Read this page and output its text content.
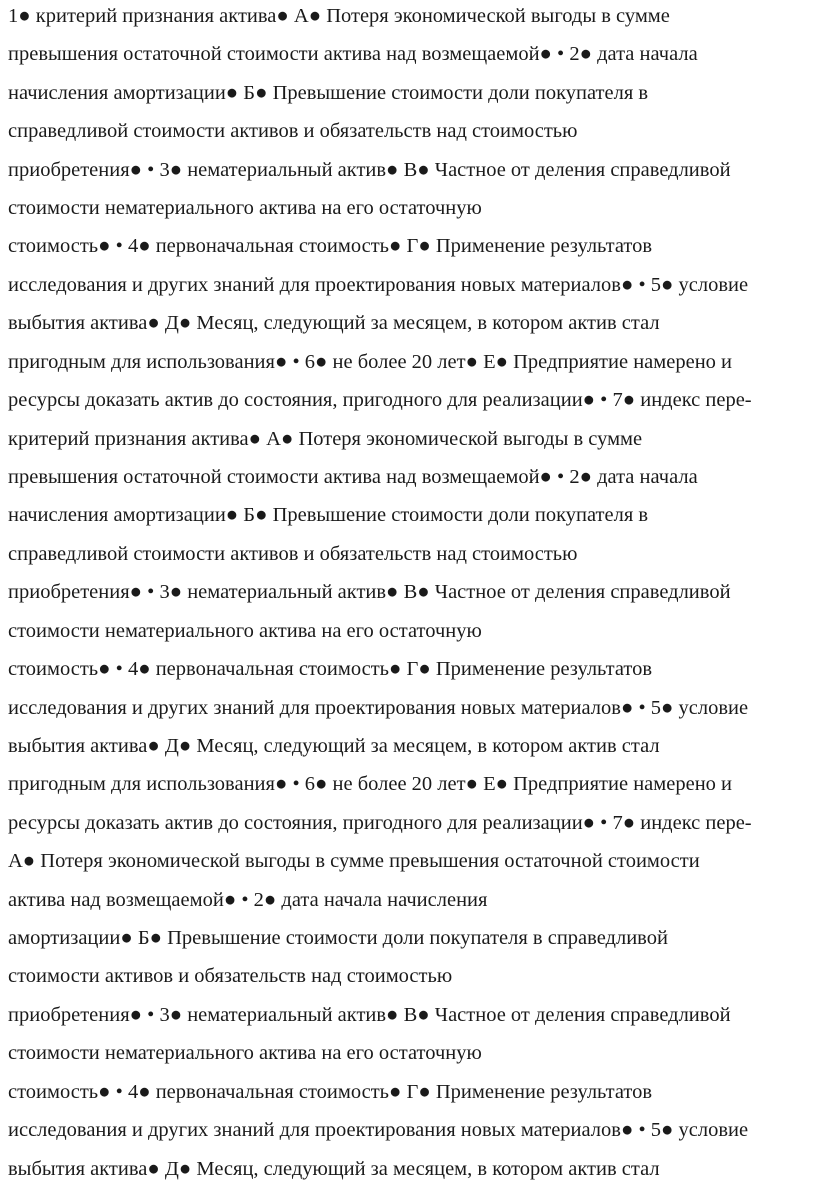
1● критерий признания актива● А● Потеря экономической выгоды в сумме

превышения остаточной стоимости актива над возмещаемой● • 2● дата начала

начисления амортизации● Б● Превышение стоимости доли покупателя в

справедливой стоимости активов и обязательств над стоимостью

приобретения● • 3● нематериальный актив● В● Частное от деления справедливой

стоимости нематериального актива на его остаточную

стоимость● • 4● первоначальная стоимость● Г● Применение результатов

исследования и других знаний для проектирования новых материалов● • 5● условие

выбытия актива● Д● Месяц, следующий за месяцем, в котором актив стал

пригодным для использования● • 6● не более 20 лет● Е● Предприятие намерено и

ресурсы доказать актив до состояния, пригодного для реализации● • 7● индекс пере-

критерий признания актива● А● Потеря экономической выгоды в сумме

превышения остаточной стоимости актива над возмещаемой● • 2● дата начала

начисления амортизации● Б● Превышение стоимости доли покупателя в

справедливой стоимости активов и обязательств над стоимостью

приобретения● • 3● нематериальный актив● В● Частное от деления справедливой

стоимости нематериального актива на его остаточную

стоимость● • 4● первоначальная стоимость● Г● Применение результатов

исследования и других знаний для проектирования новых материалов● • 5● условие

выбытия актива● Д● Месяц, следующий за месяцем, в котором актив стал

пригодным для использования● • 6● не более 20 лет● Е● Предприятие намерено и

ресурсы доказать актив до состояния, пригодного для реализации● • 7● индекс пере-

А● Потеря экономической выгоды в сумме превышения остаточной стоимости

актива над возмещаемой● • 2● дата начала начисления

амортизации● Б● Превышение стоимости доли покупателя в справедливой

стоимости активов и обязательств над стоимостью

приобретения● • 3● нематериальный актив● В● Частное от деления справедливой

стоимости нематериального актива на его остаточную

стоимость● • 4● первоначальная стоимость● Г● Применение результатов

исследования и других знаний для проектирования новых материалов● • 5● условие

выбытия актива● Д● Месяц, следующий за месяцем, в котором актив стал
